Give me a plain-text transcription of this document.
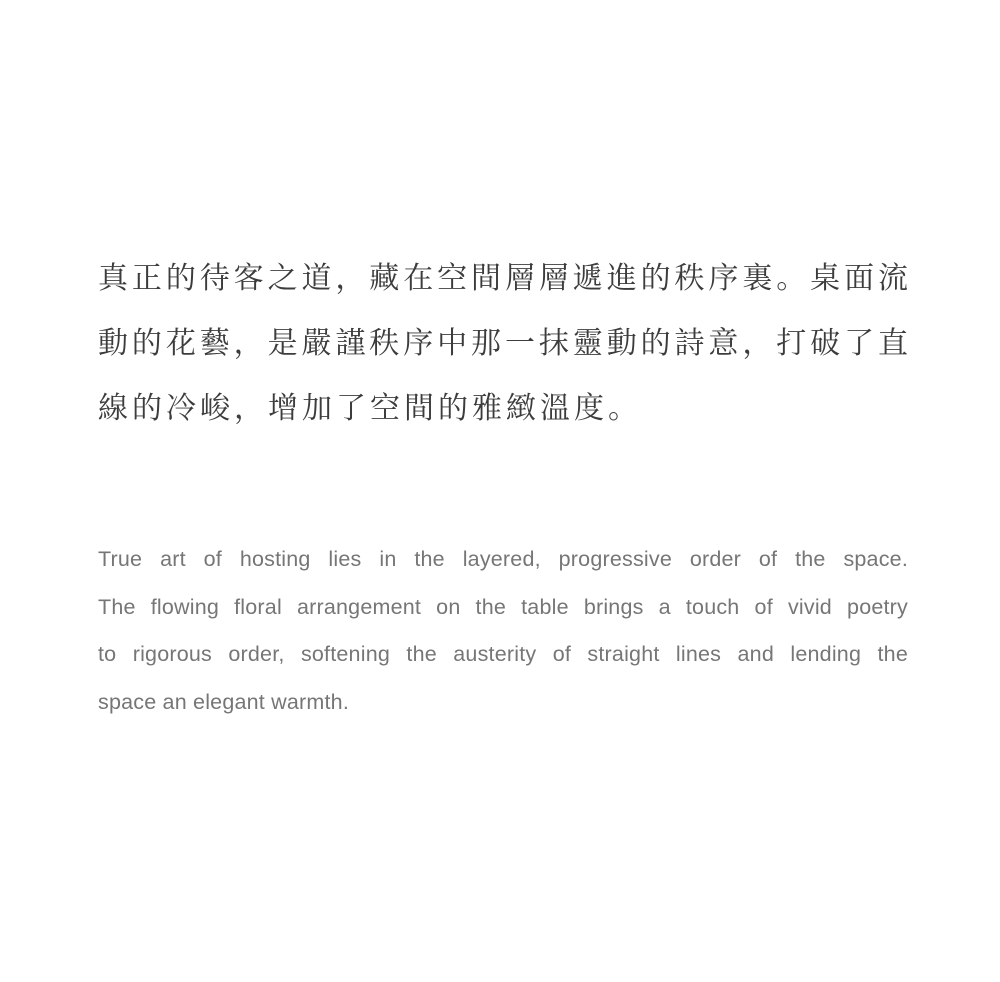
真正的待客之道，藏在空間層層遞進的秩序裏。桌面流
動的花藝，是嚴謹秩序中那一抹靈動的詩意，打破了直
線的冷峻，增加了空間的雅緻溫度。
True art of hosting lies in the layered, progressive order of the space.
The flowing floral arrangement on the table brings a touch of vivid poetry
to rigorous order, softening the austerity of straight lines and lending the
space an elegant warmth.
